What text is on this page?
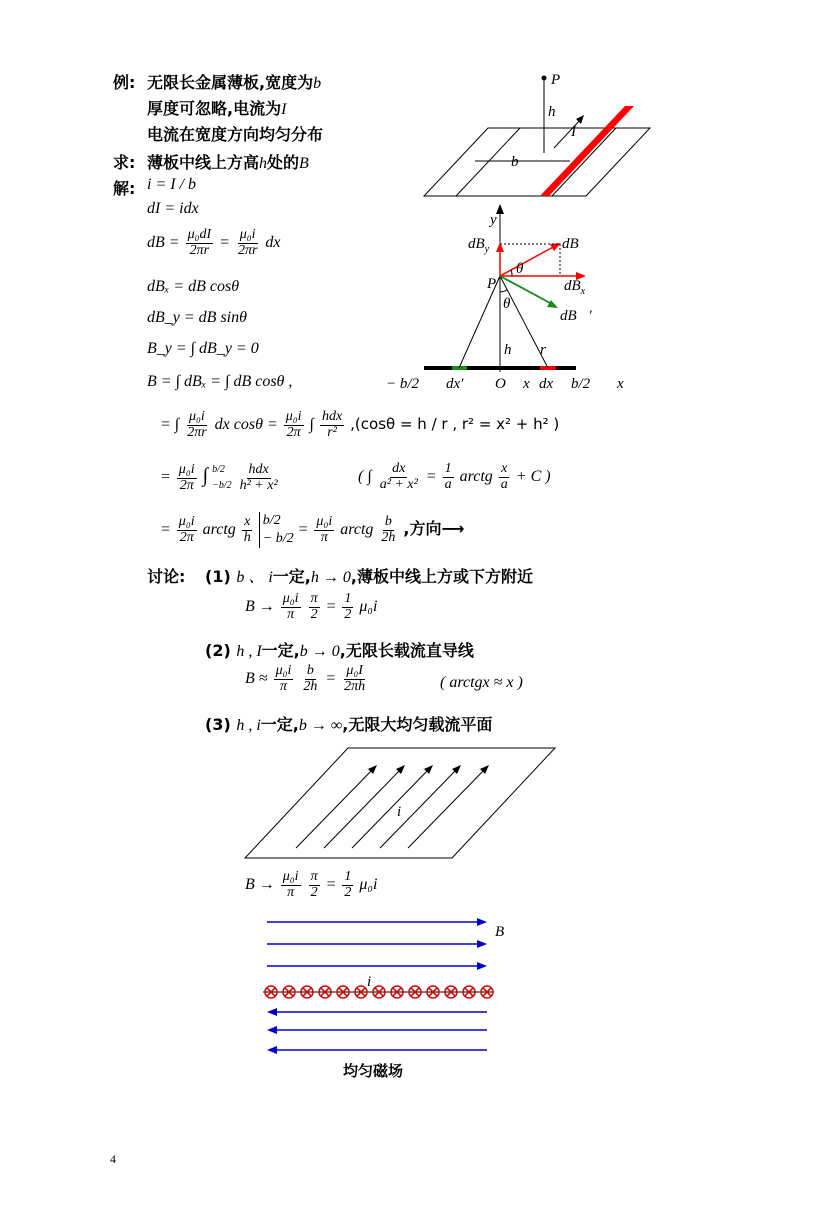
例: 无限长金属薄板,宽度为b
厚度可忽略,电流为I
电流在宽度方向均匀分布
求: 薄板中线上方高h处的B⃗
解: i = I / b
dI = idx
dB = $\frac{\text{μ₀dI}}{2\pi r} = \frac{\text{μ₀i}}{2\pi r}$ dx
dBₓ = dB cosθ
dB_y = dB sinθ
B_y = ∫ dB_y = 0
B = ∫ dBₓ = ∫ dB cosθ ,
= ∫ $\frac{\text{μ₀i}}{2\pi r}$ dx $\cos\theta = \frac{\text{μ₀i}}{2\pi}$ ∫ $\frac{\text{hdx}}{\text{r²}} ,(\cos\theta = h / r$ , r² = x² + h² )
= $\frac{\text{μ₀i}}{2\pi}$ ∫ b/2
−b/2
$\frac{\text{hdx}}{\text{h² + x²}}$	( ∫ $\frac{dx}{\text{a² + x²}} = \frac{1}{a}$ arctg $\frac{x}{a} + C$ )
= $\frac{\text{μ₀i}}{2\pi}$ arctg $\frac{x}{h}$
b/2
− b/2
= $\frac{\text{μ₀i}}{\pi}$ arctg $\frac{b}{2h}$ ,方向⟶
讨论: (1) b 、 i一定,h → 0,薄板中线上方或下方附近
$B \to \frac{\text{μ₀i}}{\pi}$
$\frac{\pi}{2} = \frac{1}{2} \mu_0i$
(2) h , I一定,b → 0,无限长载流直导线
$B \approx \frac{\text{μ₀i}}{\pi}$
$\frac{b}{2h} = \frac{\text{μ₀I}}{2\pi h}$	( arctgx ≈ x )
(3) h , i一定,b → ∞,无限大均匀载流平面
$B \to \frac{\text{μ₀i}}{\pi}$
$\frac{\pi}{2} = \frac{1}{2} \mu_0i$
P
h
I
b
y
$dB_y$	dB⃗
θ
P	$dB_x$
θ
dB⃗′
h r
− b/2 dx′ O x dx b/2 x
i
B⃗
i
均匀磁场
4
